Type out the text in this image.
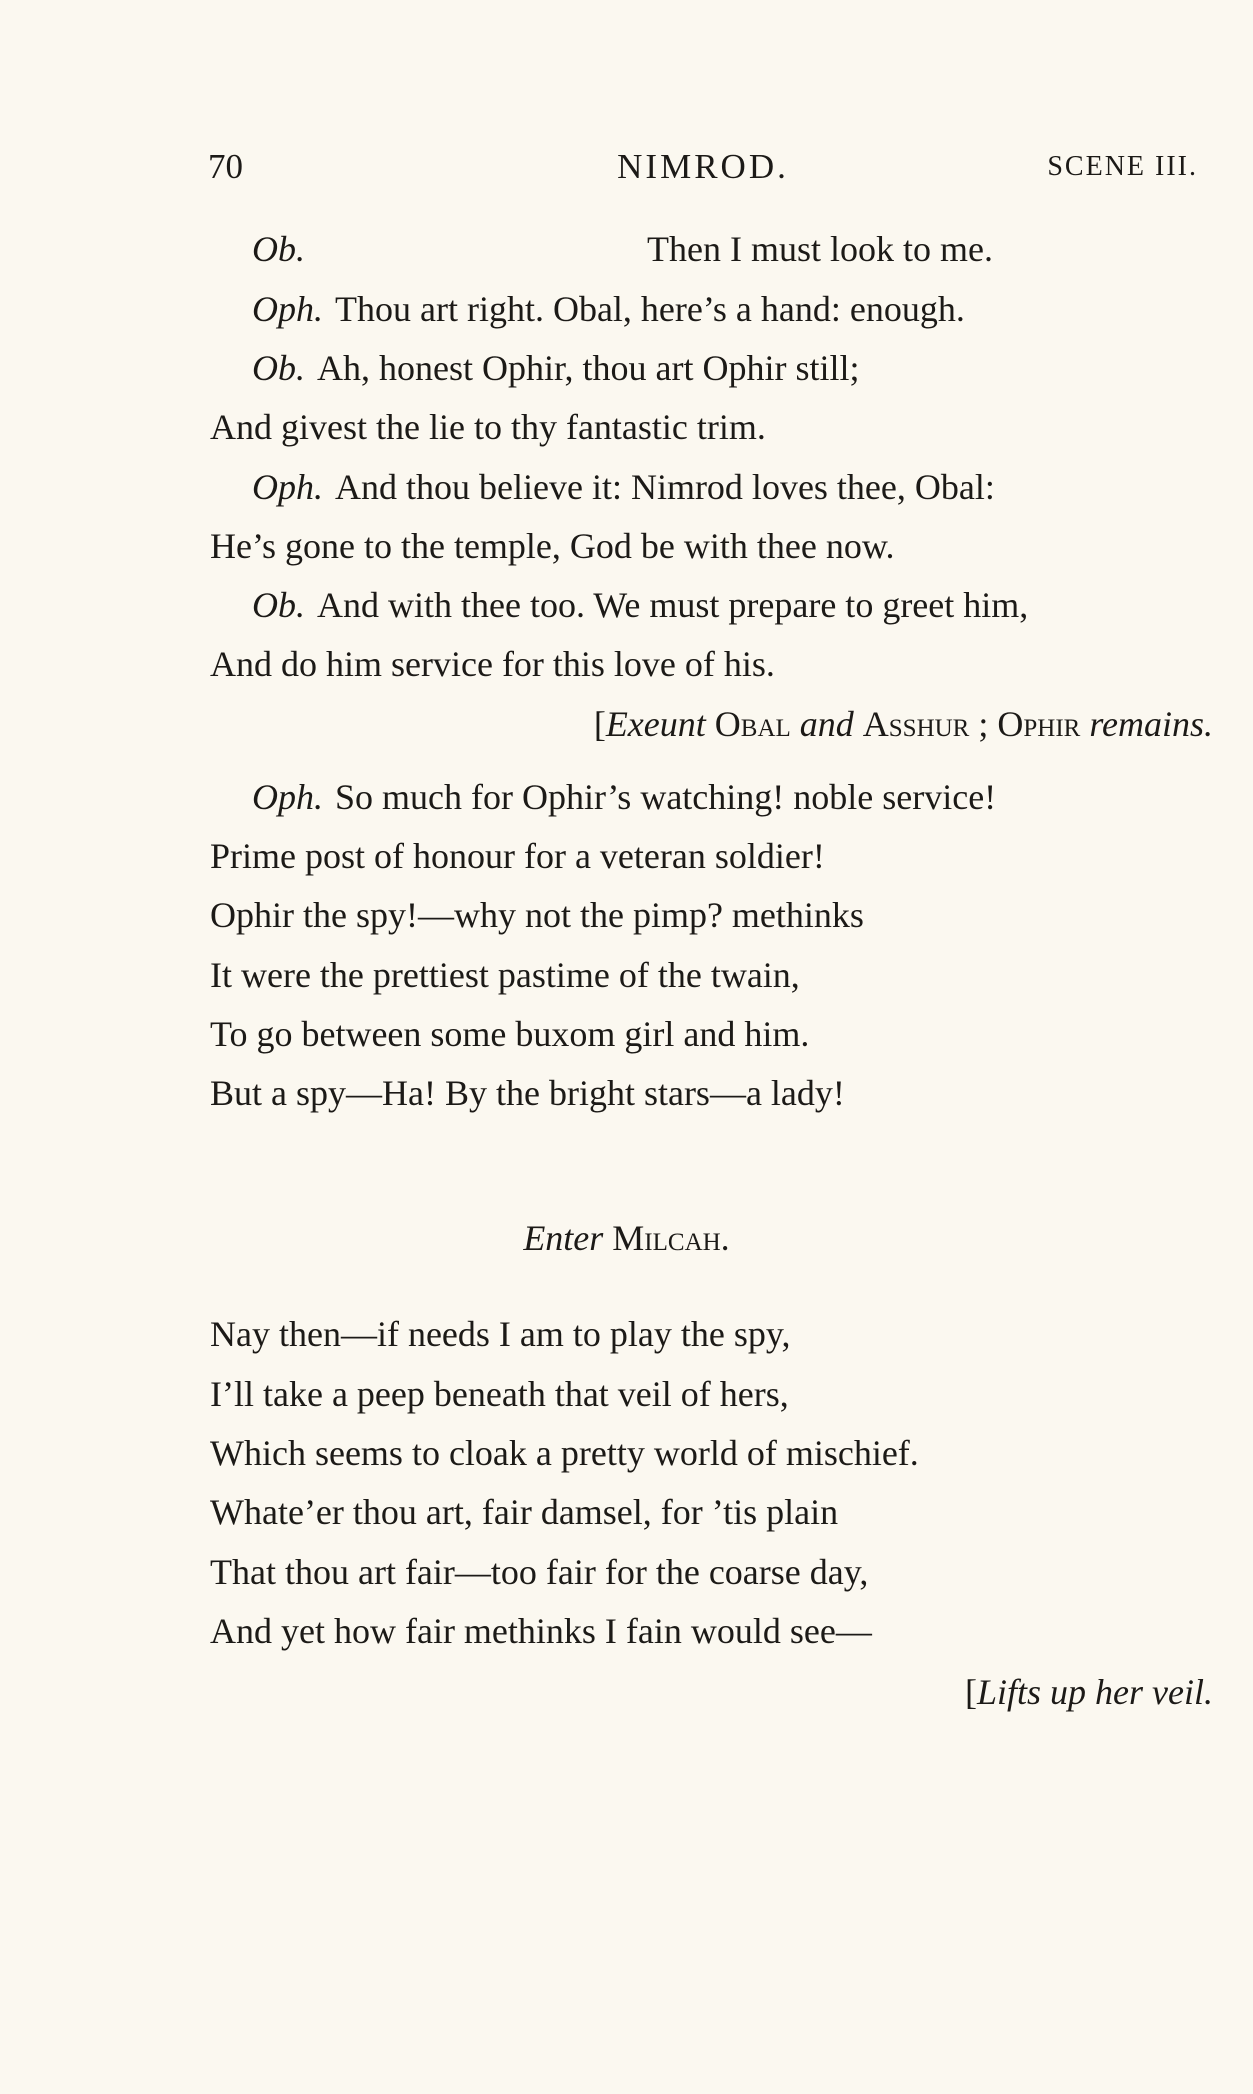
70	NIMROD.	SCENE III.
Ob.	Then I must look to me.
Oph. Thou art right. Obal, here’s a hand: enough.
Ob. Ah, honest Ophir, thou art Ophir still;
And givest the lie to thy fantastic trim.
Oph. And thou believe it: Nimrod loves thee, Obal:
He’s gone to the temple, God be with thee now.
Ob. And with thee too. We must prepare to greet him,
And do him service for this love of his.
[Exeunt Obal and Asshur ; Ophir remains.
Oph. So much for Ophir’s watching! noble service!
Prime post of honour for a veteran soldier!
Ophir the spy!—why not the pimp? methinks
It were the prettiest pastime of the twain,
To go between some buxom girl and him.
But a spy—Ha! By the bright stars—a lady!
Enter Milcah.
Nay then—if needs I am to play the spy,
I’ll take a peep beneath that veil of hers,
Which seems to cloak a pretty world of mischief.
Whate’er thou art, fair damsel, for ’tis plain
That thou art fair—too fair for the coarse day,
And yet how fair methinks I fain would see—
[Lifts up her veil.
